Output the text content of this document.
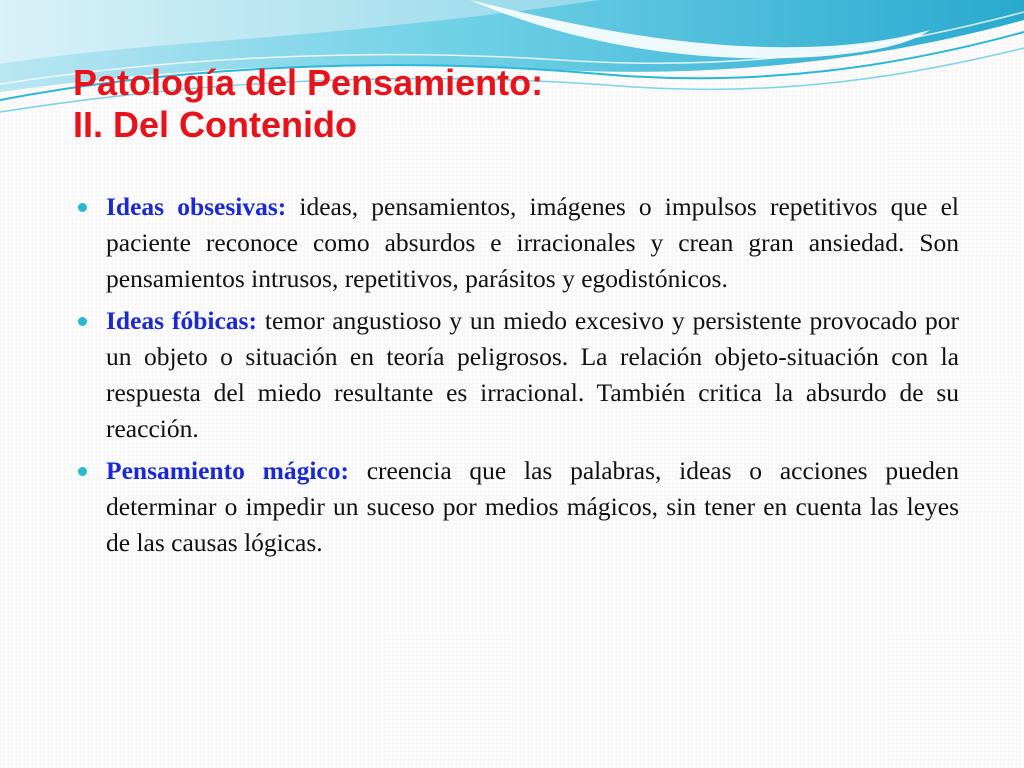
Patología del Pensamiento:
II. Del Contenido
Ideas obsesivas: ideas, pensamientos, imágenes o impulsos repetitivos que el paciente reconoce como absurdos e irracionales y crean gran ansiedad. Son pensamientos intrusos, repetitivos, parásitos y egodistónicos.
Ideas fóbicas: temor angustioso y un miedo excesivo y persistente provocado por un objeto o situación en teoría peligrosos. La relación objeto-situación con la respuesta del miedo resultante es irracional. También critica la absurdo de su reacción.
Pensamiento mágico: creencia que las palabras, ideas o acciones pueden determinar o impedir un suceso por medios mágicos, sin tener en cuenta las leyes de las causas lógicas.
